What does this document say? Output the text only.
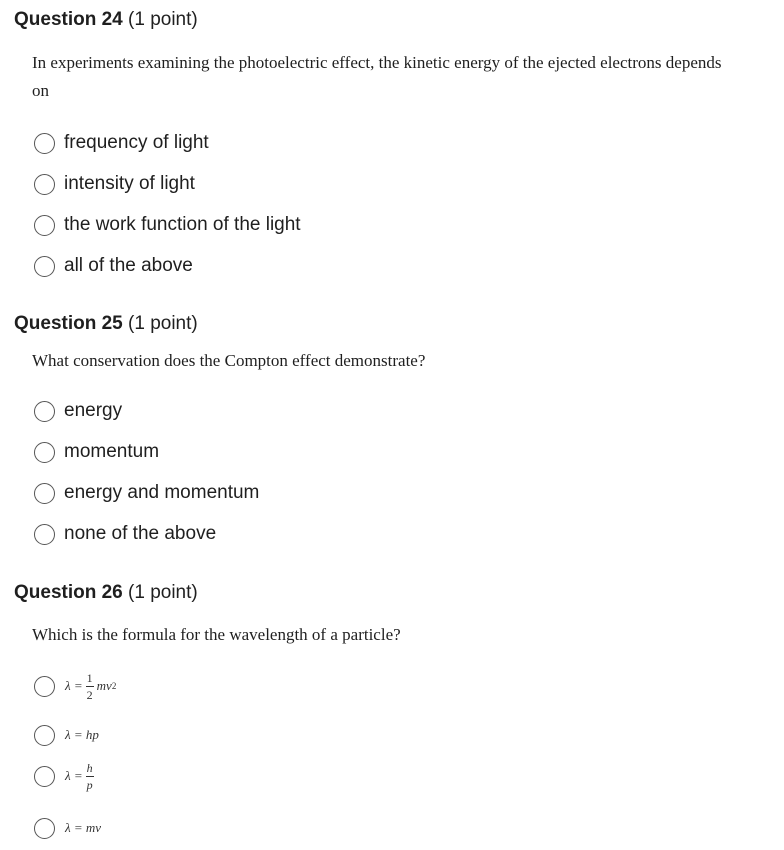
Question 24 (1 point)
In experiments examining the photoelectric effect, the kinetic energy of the ejected electrons depends on
frequency of light
intensity of light
the work function of the light
all of the above
Question 25 (1 point)
What conservation does the Compton effect demonstrate?
energy
momentum
energy and momentum
none of the above
Question 26 (1 point)
Which is the formula for the wavelength of a particle?
$\lambda = \frac{1}{2}$ mv 2
λ = hp
$\lambda = \frac{h}{p}$
λ = mv
